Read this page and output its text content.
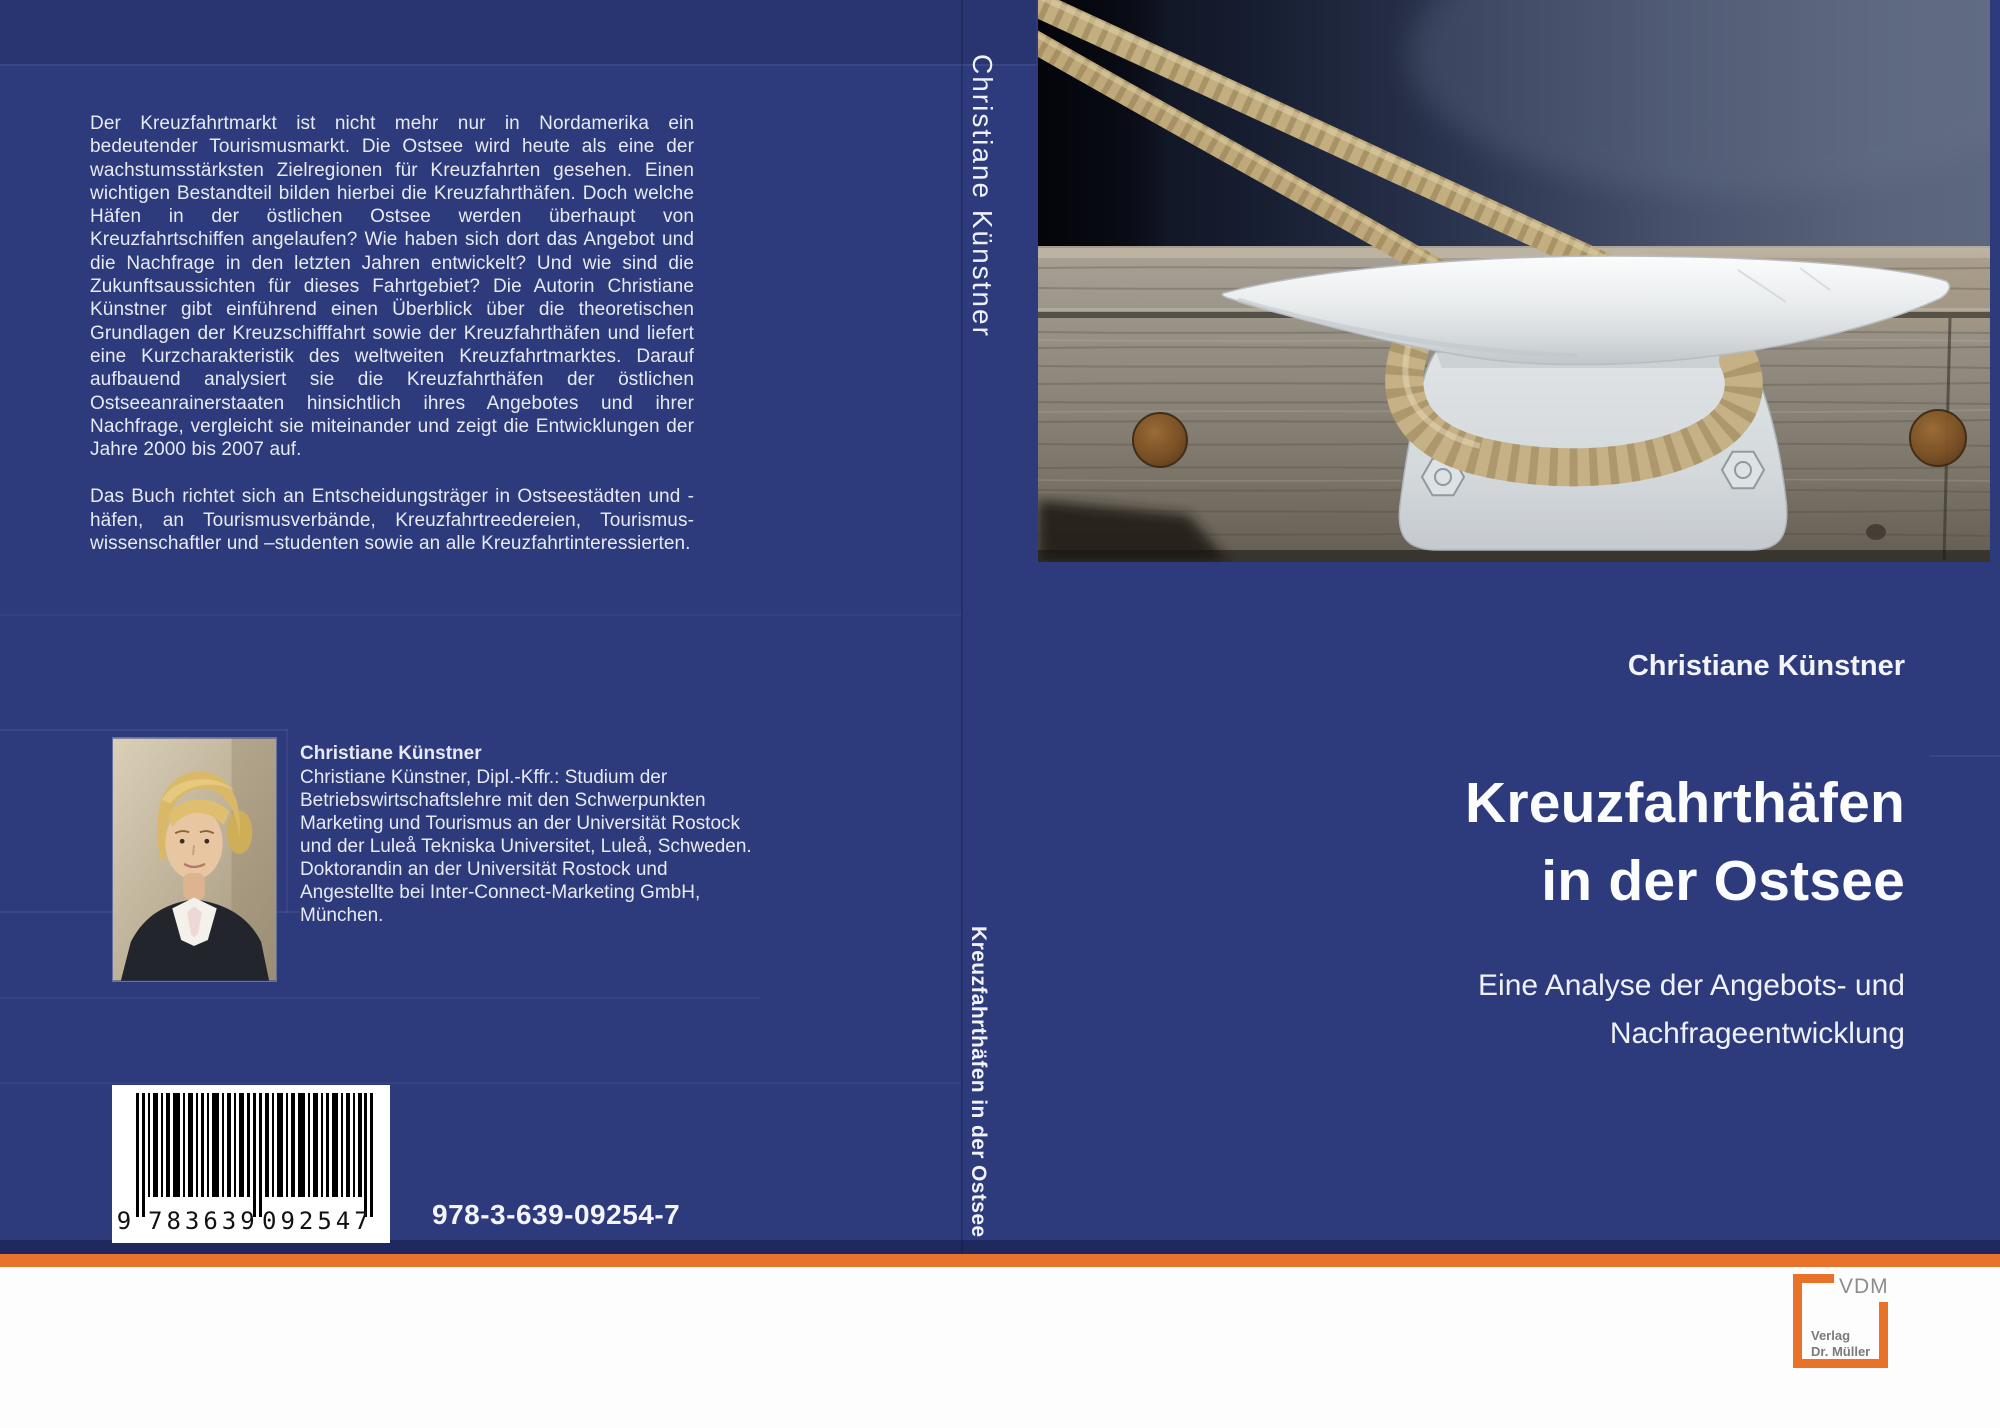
Der Kreuzfahrtmarkt ist nicht mehr nur in Nordamerika ein bedeutender Tourismusmarkt. Die Ostsee wird heute als eine der wachstumsstärksten Zielregionen für Kreuzfahrten gesehen. Einen wichtigen Bestandteil bilden hierbei die Kreuzfahrthäfen. Doch welche Häfen in der östlichen Ostsee werden überhaupt von Kreuzfahrtschiffen angelaufen? Wie haben sich dort das Angebot und die Nachfrage in den letzten Jahren entwickelt? Und wie sind die Zukunftsaussichten für dieses Fahrtgebiet? Die Autorin Christiane Künstner gibt einführend einen Überblick über die theoretischen Grundlagen der Kreuzschifffahrt sowie der Kreuzfahrthäfen und liefert eine Kurzcharakteristik des weltweiten Kreuzfahrtmarktes. Darauf aufbauend analysiert sie die Kreuzfahrthäfen der östlichen Ostseeanrainerstaaten hinsichtlich ihres Angebotes und ihrer Nachfrage, vergleicht sie miteinander und zeigt die Entwicklungen der Jahre 2000 bis 2007 auf.

Das Buch richtet sich an Entscheidungsträger in Ostseestädten und -häfen, an Tourismusverbände, Kreuzfahrtreedereien, Tourismus-wissenschaftler und –studenten sowie an alle Kreuzfahrtinteressierten.

Christiane Künstner

Christiane Künstner, Dipl.-Kffr.: Studium der Betriebswirtschaftslehre mit den Schwerpunkten Marketing und Tourismus an der Universität Rostock und der Luleå Tekniska Universitet, Luleå, Schweden. Doktorandin an der Universität Rostock und Angestellte bei Inter-Connect-Marketing GmbH, München.

9 783639 092547 978-3-639-09254-7
Christiane Künstner
Kreuzfahrthäfen in der Ostsee
Christiane Künstner
Kreuzfahrthäfen
in der Ostsee
Eine Analyse der Angebots- und
Nachfrageentwicklung
VDM
Verlag
Dr. Müller
